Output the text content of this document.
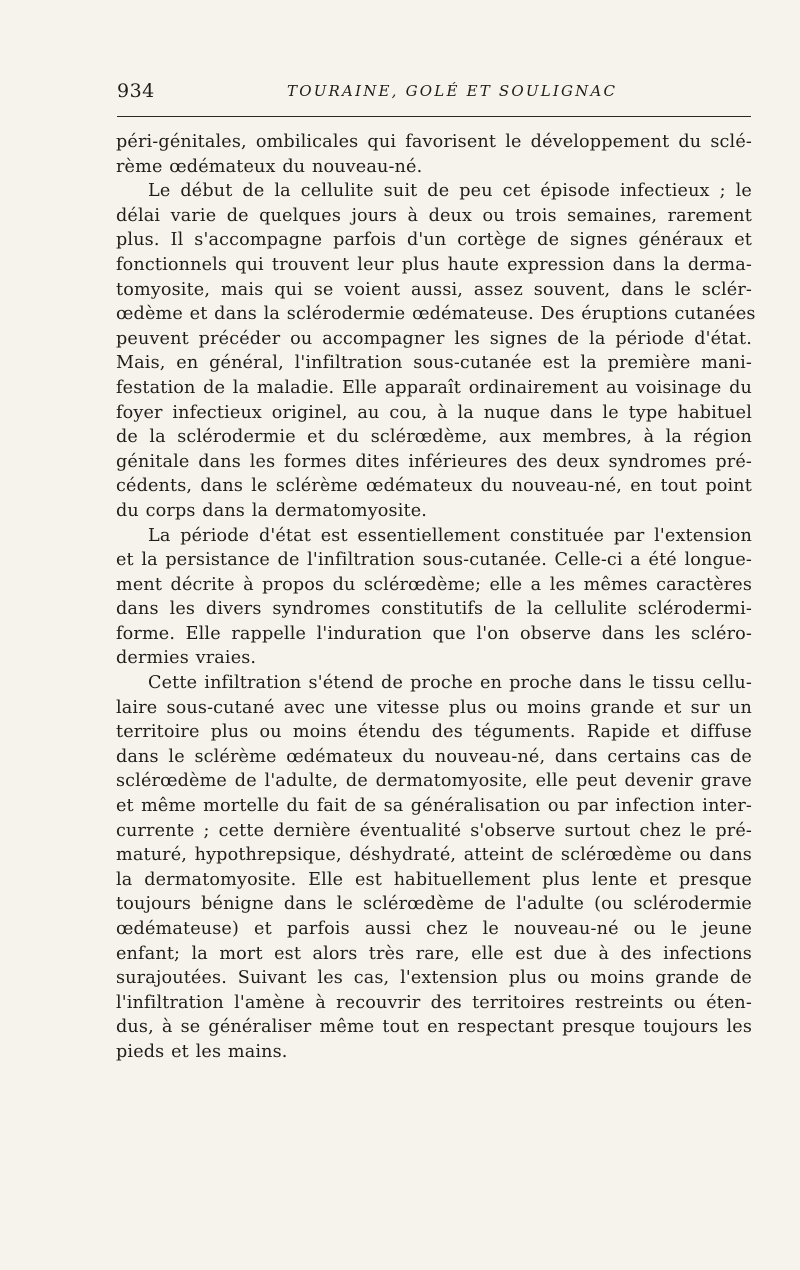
934	TOURAINE, GOLÉ ET SOULIGNAC
péri-génitales, ombilicales qui favorisent le développement du sclé-
rème œdémateux du nouveau-né.
Le début de la cellulite suit de peu cet épisode infectieux ; le
délai varie de quelques jours à deux ou trois semaines, rarement
plus. Il s'accompagne parfois d'un cortège de signes généraux et
fonctionnels qui trouvent leur plus haute expression dans la derma-
tomyosite, mais qui se voient aussi, assez souvent, dans le sclér-
œdème et dans la sclérodermie œdémateuse. Des éruptions cutanées
peuvent précéder ou accompagner les signes de la période d'état.
Mais, en général, l'infiltration sous-cutanée est la première mani-
festation de la maladie. Elle apparaît ordinairement au voisinage du
foyer infectieux originel, au cou, à la nuque dans le type habituel
de la sclérodermie et du sclérœdème, aux membres, à la région
génitale dans les formes dites inférieures des deux syndromes pré-
cédents, dans le sclérème œdémateux du nouveau-né, en tout point
du corps dans la dermatomyosite.
La période d'état est essentiellement constituée par l'extension
et la persistance de l'infiltration sous-cutanée. Celle-ci a été longue-
ment décrite à propos du sclérœdème; elle a les mêmes caractères
dans les divers syndromes constitutifs de la cellulite sclérodermi-
forme. Elle rappelle l'induration que l'on observe dans les scléro-
dermies vraies.
Cette infiltration s'étend de proche en proche dans le tissu cellu-
laire sous-cutané avec une vitesse plus ou moins grande et sur un
territoire plus ou moins étendu des téguments. Rapide et diffuse
dans le sclérème œdémateux du nouveau-né, dans certains cas de
sclérœdème de l'adulte, de dermatomyosite, elle peut devenir grave
et même mortelle du fait de sa généralisation ou par infection inter-
currente ; cette dernière éventualité s'observe surtout chez le pré-
maturé, hypothrepsique, déshydraté, atteint de sclérœdème ou dans
la dermatomyosite. Elle est habituellement plus lente et presque
toujours bénigne dans le sclérœdème de l'adulte (ou sclérodermie
œdémateuse) et parfois aussi chez le nouveau-né ou le jeune
enfant; la mort est alors très rare, elle est due à des infections
surajoutées. Suivant les cas, l'extension plus ou moins grande de
l'infiltration l'amène à recouvrir des territoires restreints ou éten-
dus, à se généraliser même tout en respectant presque toujours les
pieds et les mains.
